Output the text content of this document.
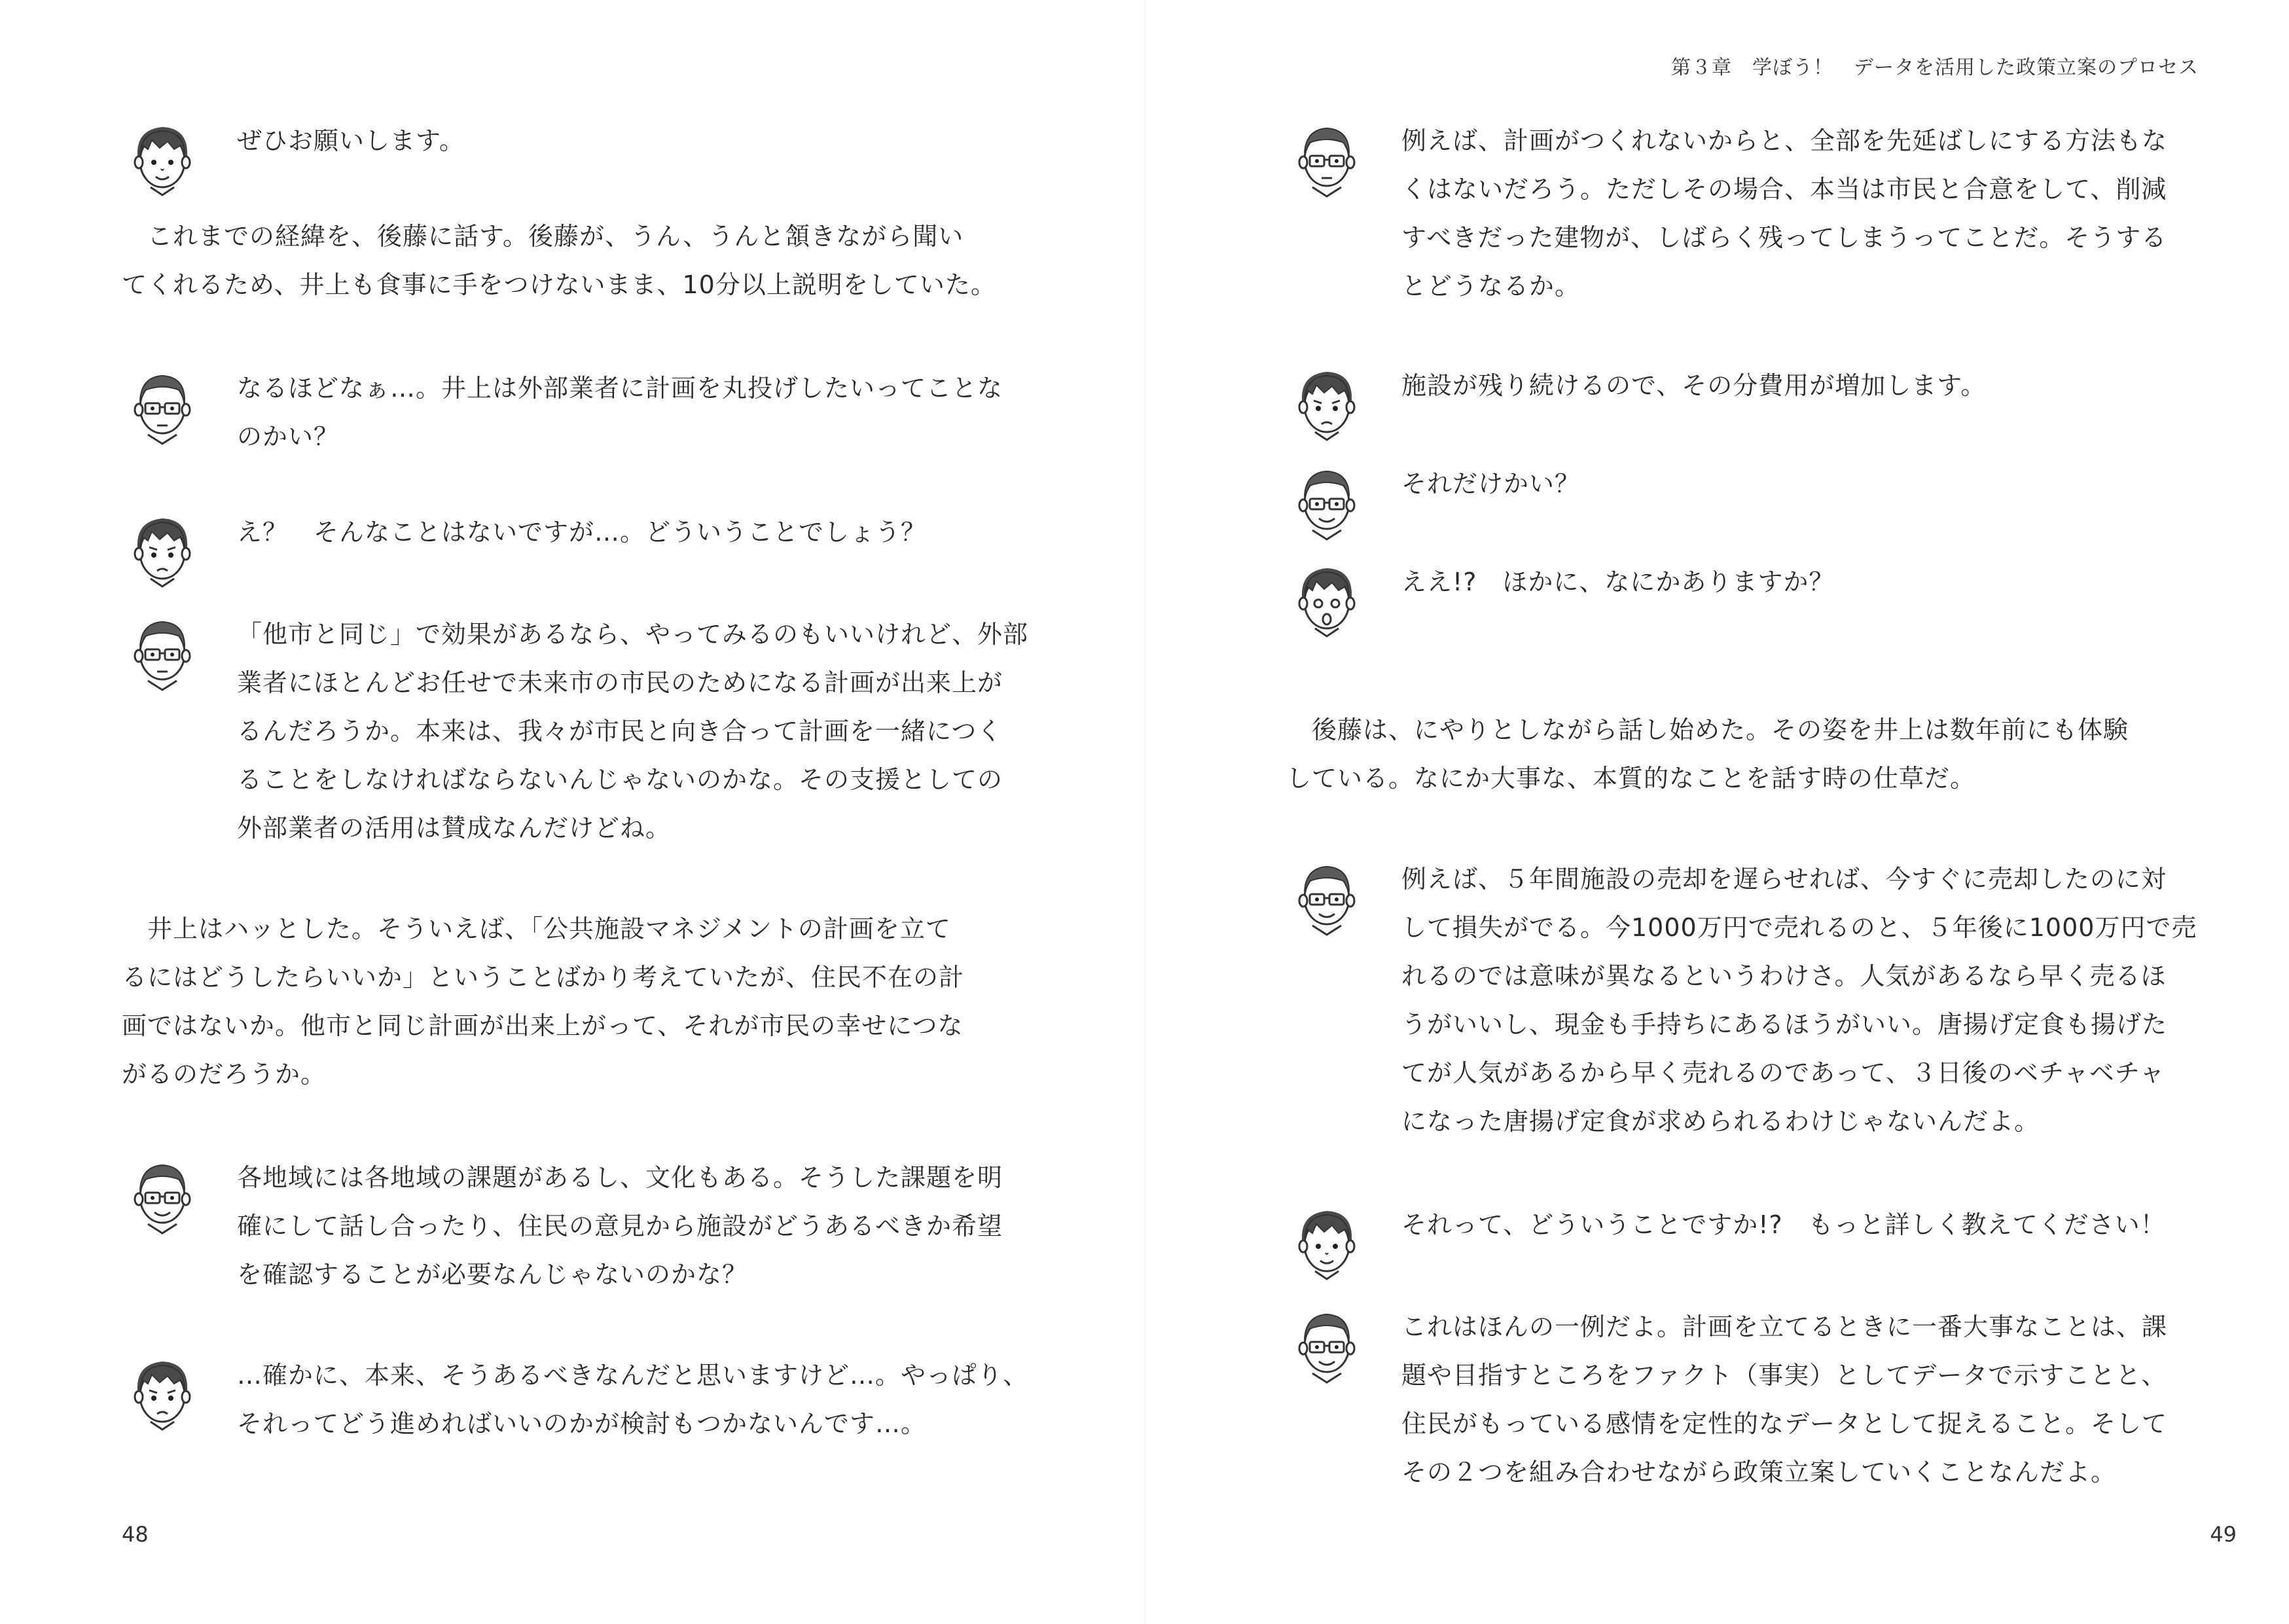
ぜひお願いします。
　これまでの経緯を、後藤に話す。後藤が、うん、うんと頷きながら聞い
てくれるため、井上も食事に手をつけないまま、10分以上説明をしていた。
なるほどなぁ…。井上は外部業者に計画を丸投げしたいってことな
のかい？
え？　そんなことはないですが…。どういうことでしょう？
「他市と同じ」で効果があるなら、やってみるのもいいけれど、外部
業者にほとんどお任せで未来市の市民のためになる計画が出来上が
るんだろうか。本来は、我々が市民と向き合って計画を一緒につく
ることをしなければならないんじゃないのかな。その支援としての
外部業者の活用は賛成なんだけどね。
　井上はハッとした。そういえば、「公共施設マネジメントの計画を立て
るにはどうしたらいいか」ということばかり考えていたが、住民不在の計
画ではないか。他市と同じ計画が出来上がって、それが市民の幸せにつな
がるのだろうか。
各地域には各地域の課題があるし、文化もある。そうした課題を明
確にして話し合ったり、住民の意見から施設がどうあるべきか希望
を確認することが必要なんじゃないのかな？
…確かに、本来、そうあるべきなんだと思いますけど…。やっぱり、
それってどう進めればいいのかが検討もつかないんです…。
48
第３章　学ぼう！　データを活用した政策立案のプロセス
例えば、計画がつくれないからと、全部を先延ばしにする方法もな
くはないだろう。ただしその場合、本当は市民と合意をして、削減
すべきだった建物が、しばらく残ってしまうってことだ。そうする
とどうなるか。
施設が残り続けるので、その分費用が増加します。
それだけかい？
ええ!?　ほかに、なにかありますか？
　後藤は、にやりとしながら話し始めた。その姿を井上は数年前にも体験
している。なにか大事な、本質的なことを話す時の仕草だ。
例えば、５年間施設の売却を遅らせれば、今すぐに売却したのに対
して損失がでる。今1000万円で売れるのと、５年後に1000万円で売
れるのでは意味が異なるというわけさ。人気があるなら早く売るほ
うがいいし、現金も手持ちにあるほうがいい。唐揚げ定食も揚げた
てが人気があるから早く売れるのであって、３日後のベチャベチャ
になった唐揚げ定食が求められるわけじゃないんだよ。
それって、どういうことですか!?　もっと詳しく教えてください！
これはほんの一例だよ。計画を立てるときに一番大事なことは、課
題や目指すところをファクト（事実）としてデータで示すことと、
住民がもっている感情を定性的なデータとして捉えること。そして
その２つを組み合わせながら政策立案していくことなんだよ。
49
